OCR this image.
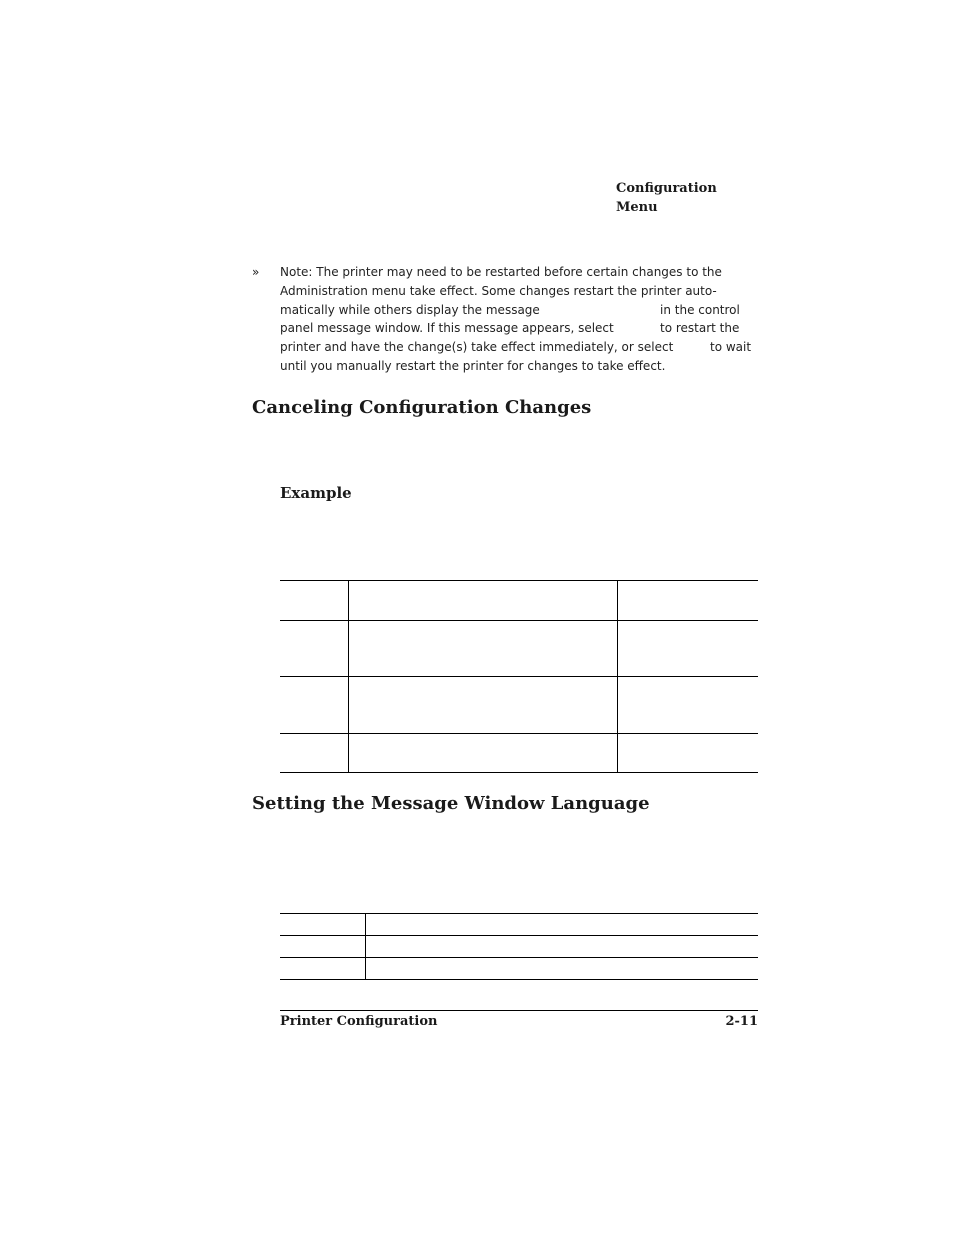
Configuration
Menu
»

Note: The printer may need to be restarted before certain changes to the

Administration menu take effect. Some changes restart the printer auto-

matically while others display the message

	in the control

panel message window. If this message appears, select

	to restart the

printer and have the change(s) take effect immediately, or select

	to wait

until you manually restart the printer for changes to take effect.

Canceling Configuration Changes
Example
Setting the Message Window Language
Printer Configuration	2-11
